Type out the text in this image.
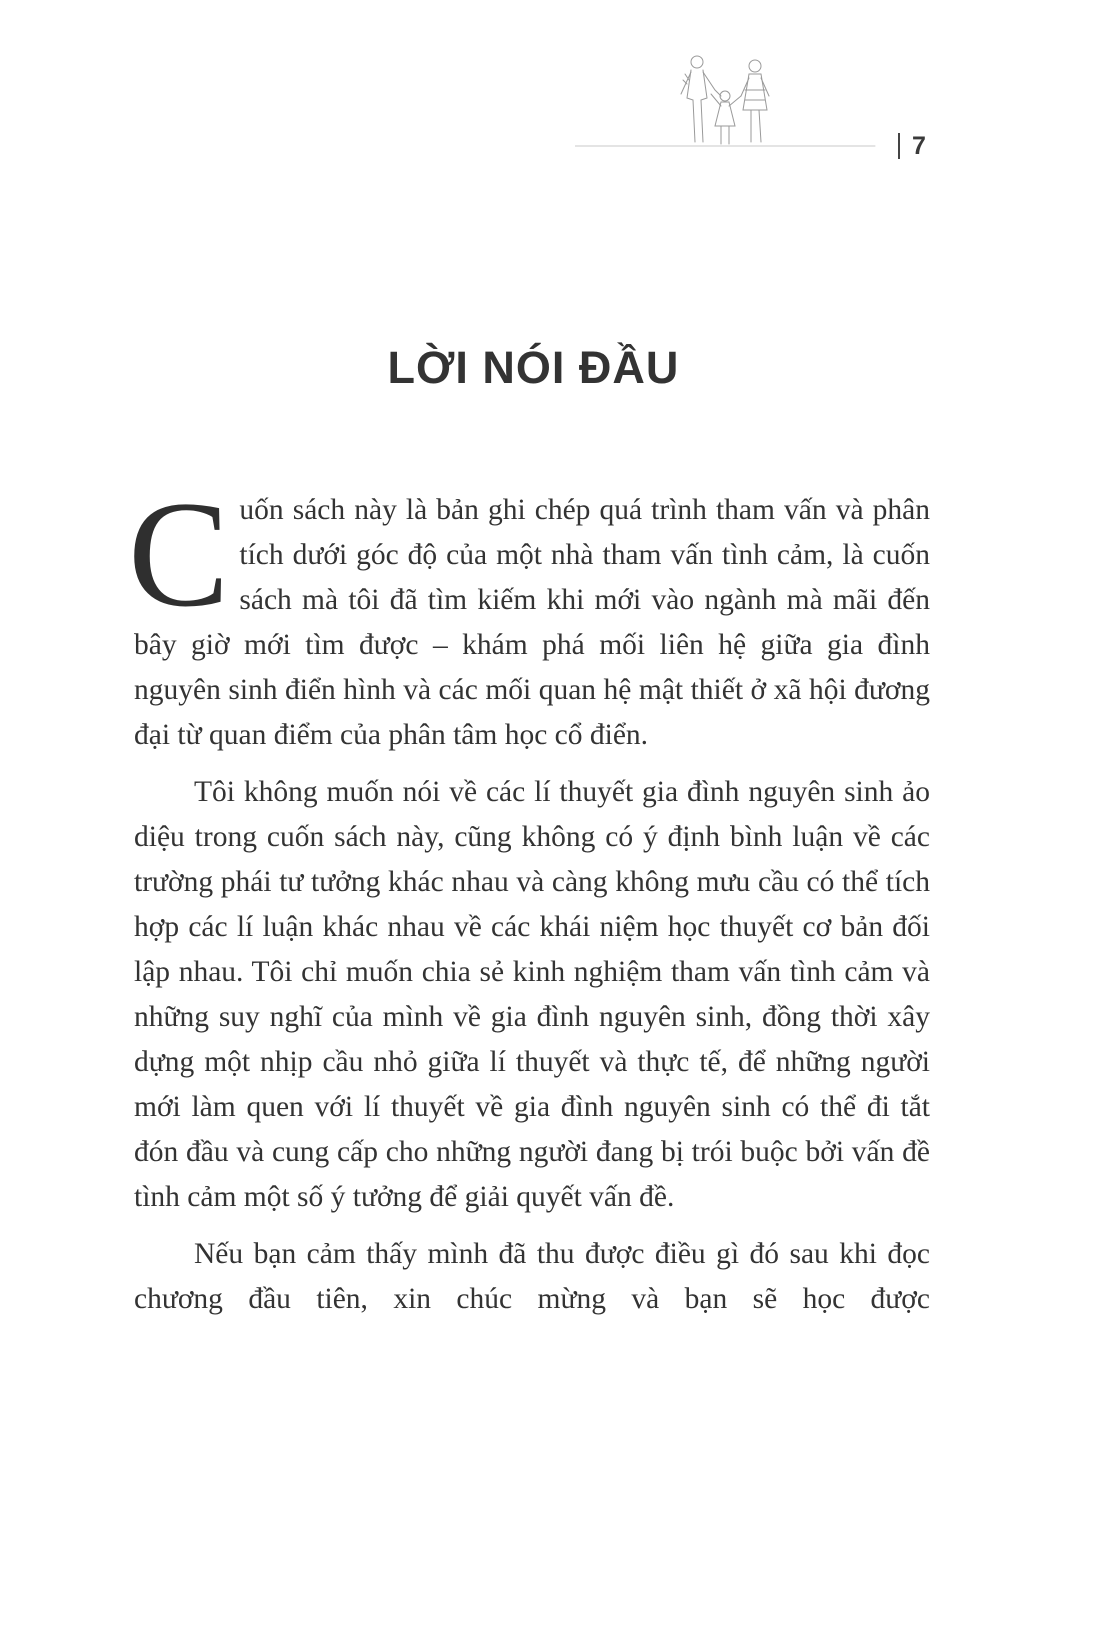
7
LỜI NÓI ĐẦU

Cuốn sách này là bản ghi chép quá trình tham vấn và phân tích dưới góc độ của một nhà tham vấn tình cảm, là cuốn sách mà tôi đã tìm kiếm khi mới vào ngành mà mãi đến bây giờ mới tìm được – khám phá mối liên hệ giữa gia đình nguyên sinh điển hình và các mối quan hệ mật thiết ở xã hội đương đại từ quan điểm của phân tâm học cổ điển.

Tôi không muốn nói về các lí thuyết gia đình nguyên sinh ảo diệu trong cuốn sách này, cũng không có ý định bình luận về các trường phái tư tưởng khác nhau và càng không mưu cầu có thể tích hợp các lí luận khác nhau về các khái niệm học thuyết cơ bản đối lập nhau. Tôi chỉ muốn chia sẻ kinh nghiệm tham vấn tình cảm và những suy nghĩ của mình về gia đình nguyên sinh, đồng thời xây dựng một nhịp cầu nhỏ giữa lí thuyết và thực tế, để những người mới làm quen với lí thuyết về gia đình nguyên sinh có thể đi tắt đón đầu và cung cấp cho những người đang bị trói buộc bởi vấn đề tình cảm một số ý tưởng để giải quyết vấn đề.

Nếu bạn cảm thấy mình đã thu được điều gì đó sau khi đọc chương đầu tiên, xin chúc mừng và bạn sẽ học được
